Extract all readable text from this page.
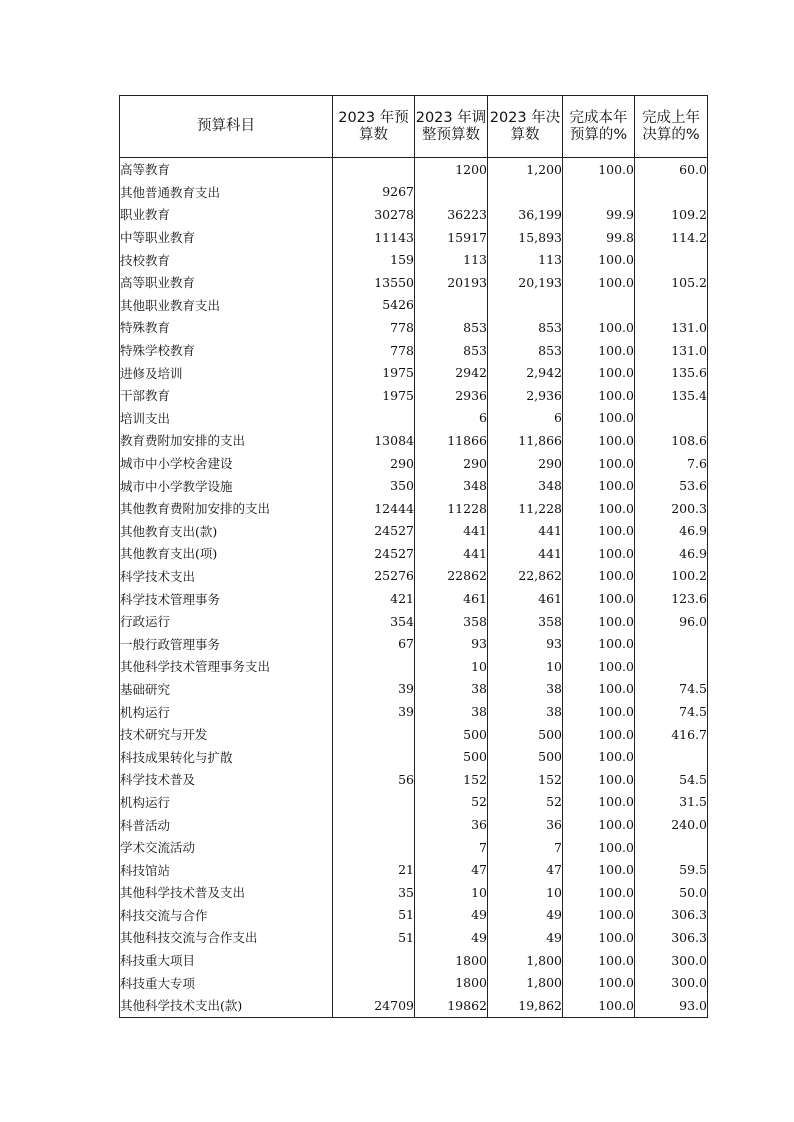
预算科目	2023 年预算数	2023 年调整预算数	2023 年决算数	完成本年预算的%	完成上年决算的%
高等教育		1200	1,200	100.0	60.0
其他普通教育支出	9267				
职业教育	30278	36223	36,199	99.9	109.2
中等职业教育	11143	15917	15,893	99.8	114.2
技校教育	159	113	113	100.0	
高等职业教育	13550	20193	20,193	100.0	105.2
其他职业教育支出	5426				
特殊教育	778	853	853	100.0	131.0
特殊学校教育	778	853	853	100.0	131.0
进修及培训	1975	2942	2,942	100.0	135.6
干部教育	1975	2936	2,936	100.0	135.4
培训支出		6	6	100.0	
教育费附加安排的支出	13084	11866	11,866	100.0	108.6
城市中小学校舍建设	290	290	290	100.0	7.6
城市中小学教学设施	350	348	348	100.0	53.6
其他教育费附加安排的支出	12444	11228	11,228	100.0	200.3
其他教育支出(款)	24527	441	441	100.0	46.9
其他教育支出(项)	24527	441	441	100.0	46.9
科学技术支出	25276	22862	22,862	100.0	100.2
科学技术管理事务	421	461	461	100.0	123.6
行政运行	354	358	358	100.0	96.0
一般行政管理事务	67	93	93	100.0	
其他科学技术管理事务支出		10	10	100.0	
基础研究	39	38	38	100.0	74.5
机构运行	39	38	38	100.0	74.5
技术研究与开发		500	500	100.0	416.7
科技成果转化与扩散		500	500	100.0	
科学技术普及	56	152	152	100.0	54.5
机构运行		52	52	100.0	31.5
科普活动		36	36	100.0	240.0
学术交流活动		7	7	100.0	
科技馆站	21	47	47	100.0	59.5
其他科学技术普及支出	35	10	10	100.0	50.0
科技交流与合作	51	49	49	100.0	306.3
其他科技交流与合作支出	51	49	49	100.0	306.3
科技重大项目		1800	1,800	100.0	300.0
科技重大专项		1800	1,800	100.0	300.0
其他科学技术支出(款)	24709	19862	19,862	100.0	93.0
